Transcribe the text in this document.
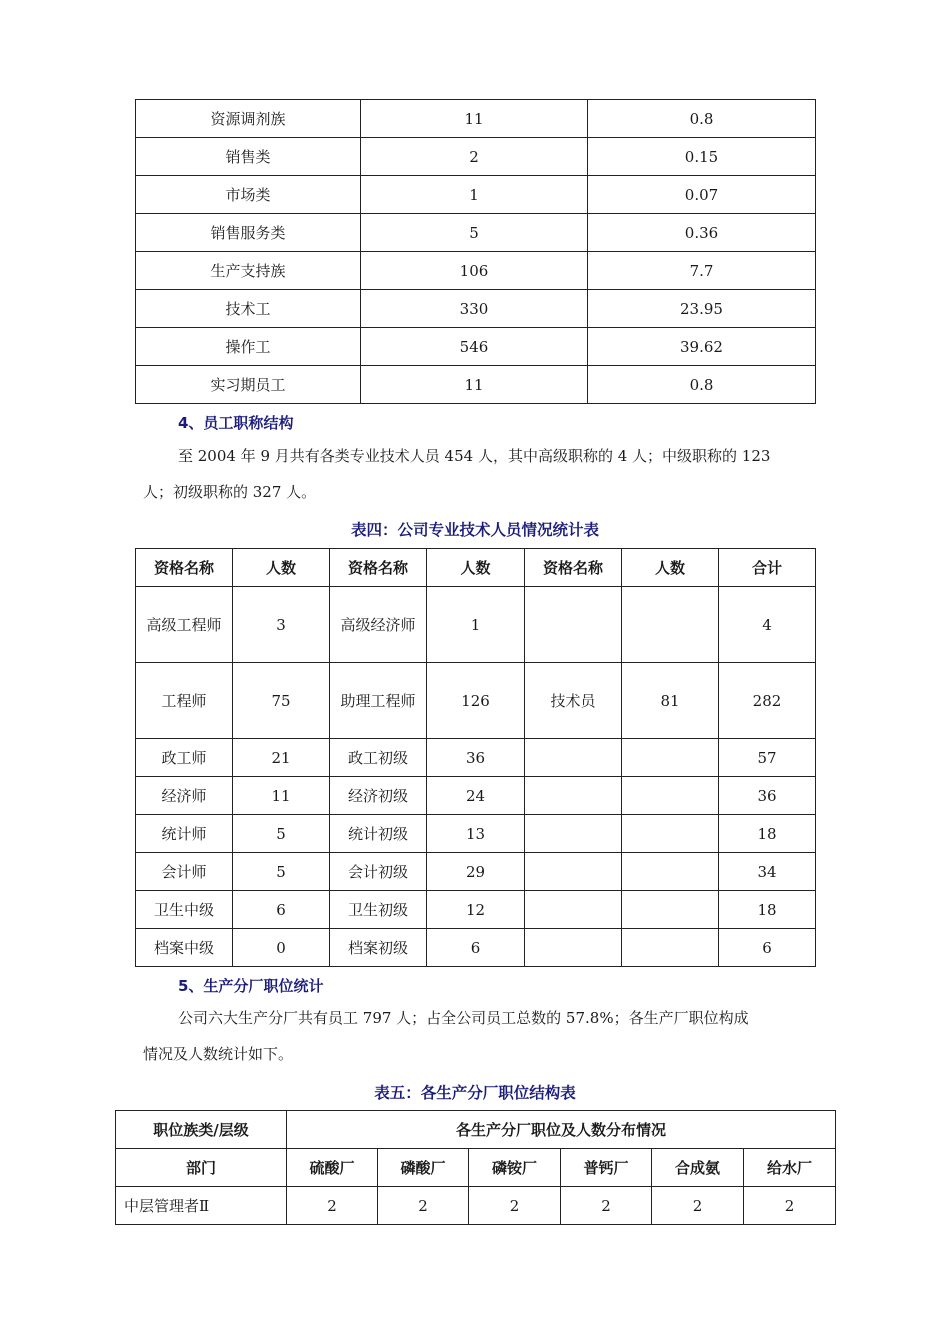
资源调剂族	11	0.8
销售类	2	0.15
市场类	1	0.07
销售服务类	5	0.36
生产支持族	106	7.7
技术工	330	23.95
操作工	546	39.62
实习期员工	11	0.8
4、员工职称结构
至 2004 年 9 月共有各类专业技术人员 454 人，其中高级职称的 4 人；中级职称的 123
人；初级职称的 327 人。
表四：公司专业技术人员情况统计表
资格名称	人数	资格名称	人数	资格名称	人数	合计
高级工程师	3	高级经济师	1			4
工程师	75	助理工程师	126	技术员	81	282
政工师	21	政工初级	36			57
经济师	11	经济初级	24			36
统计师	5	统计初级	13			18
会计师	5	会计初级	29			34
卫生中级	6	卫生初级	12			18
档案中级	0	档案初级	6			6
5、生产分厂职位统计
公司六大生产分厂共有员工 797 人；占全公司员工总数的 57.8%；各生产厂职位构成
情况及人数统计如下。
表五：各生产分厂职位结构表
职位族类/层级	各生产分厂职位及人数分布情况					
部门	硫酸厂	磷酸厂	磷铵厂	普钙厂	合成氨	给水厂
中层管理者Ⅱ	2	2	2	2	2	2
